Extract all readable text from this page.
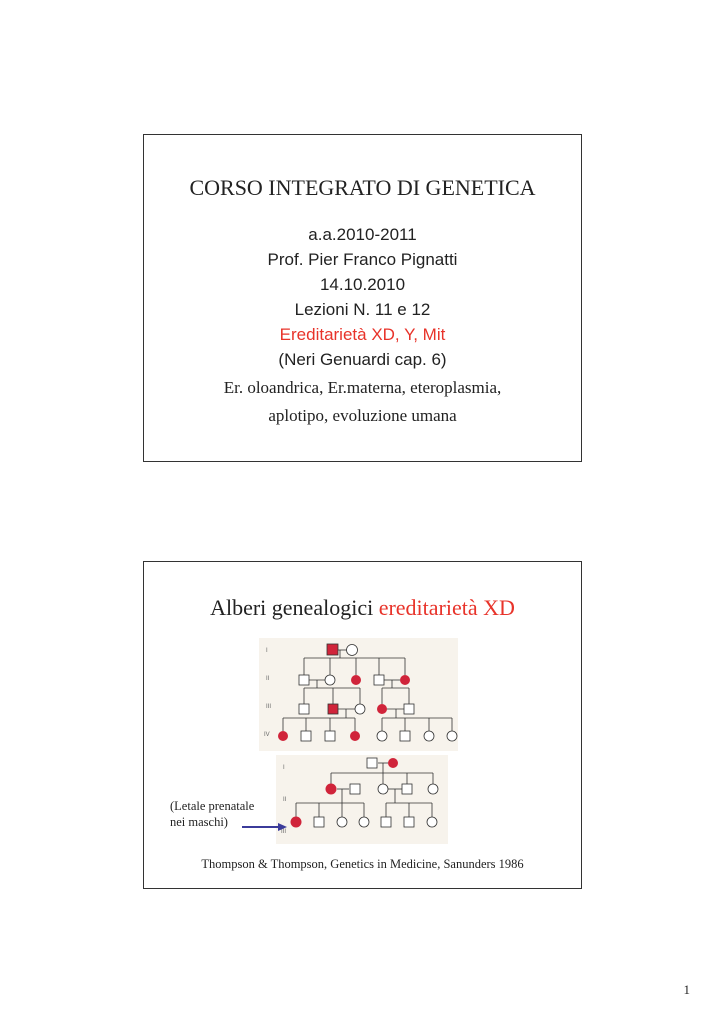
CORSO INTEGRATO DI GENETICA
a.a.2010-2011
Prof. Pier Franco Pignatti
14.10.2010
Lezioni N. 11 e 12
Ereditarietà XD, Y, Mit
(Neri Genuardi cap. 6)
Er. oloandrica, Er.materna, eteroplasmia,
aplotipo, evoluzione umana
Alberi genealogici ereditarietà XD
I
II
III
IV
I
II
III
(Letale prenatale
nei maschi)
Thompson & Thompson, Genetics in Medicine, Sanunders 1986
1
